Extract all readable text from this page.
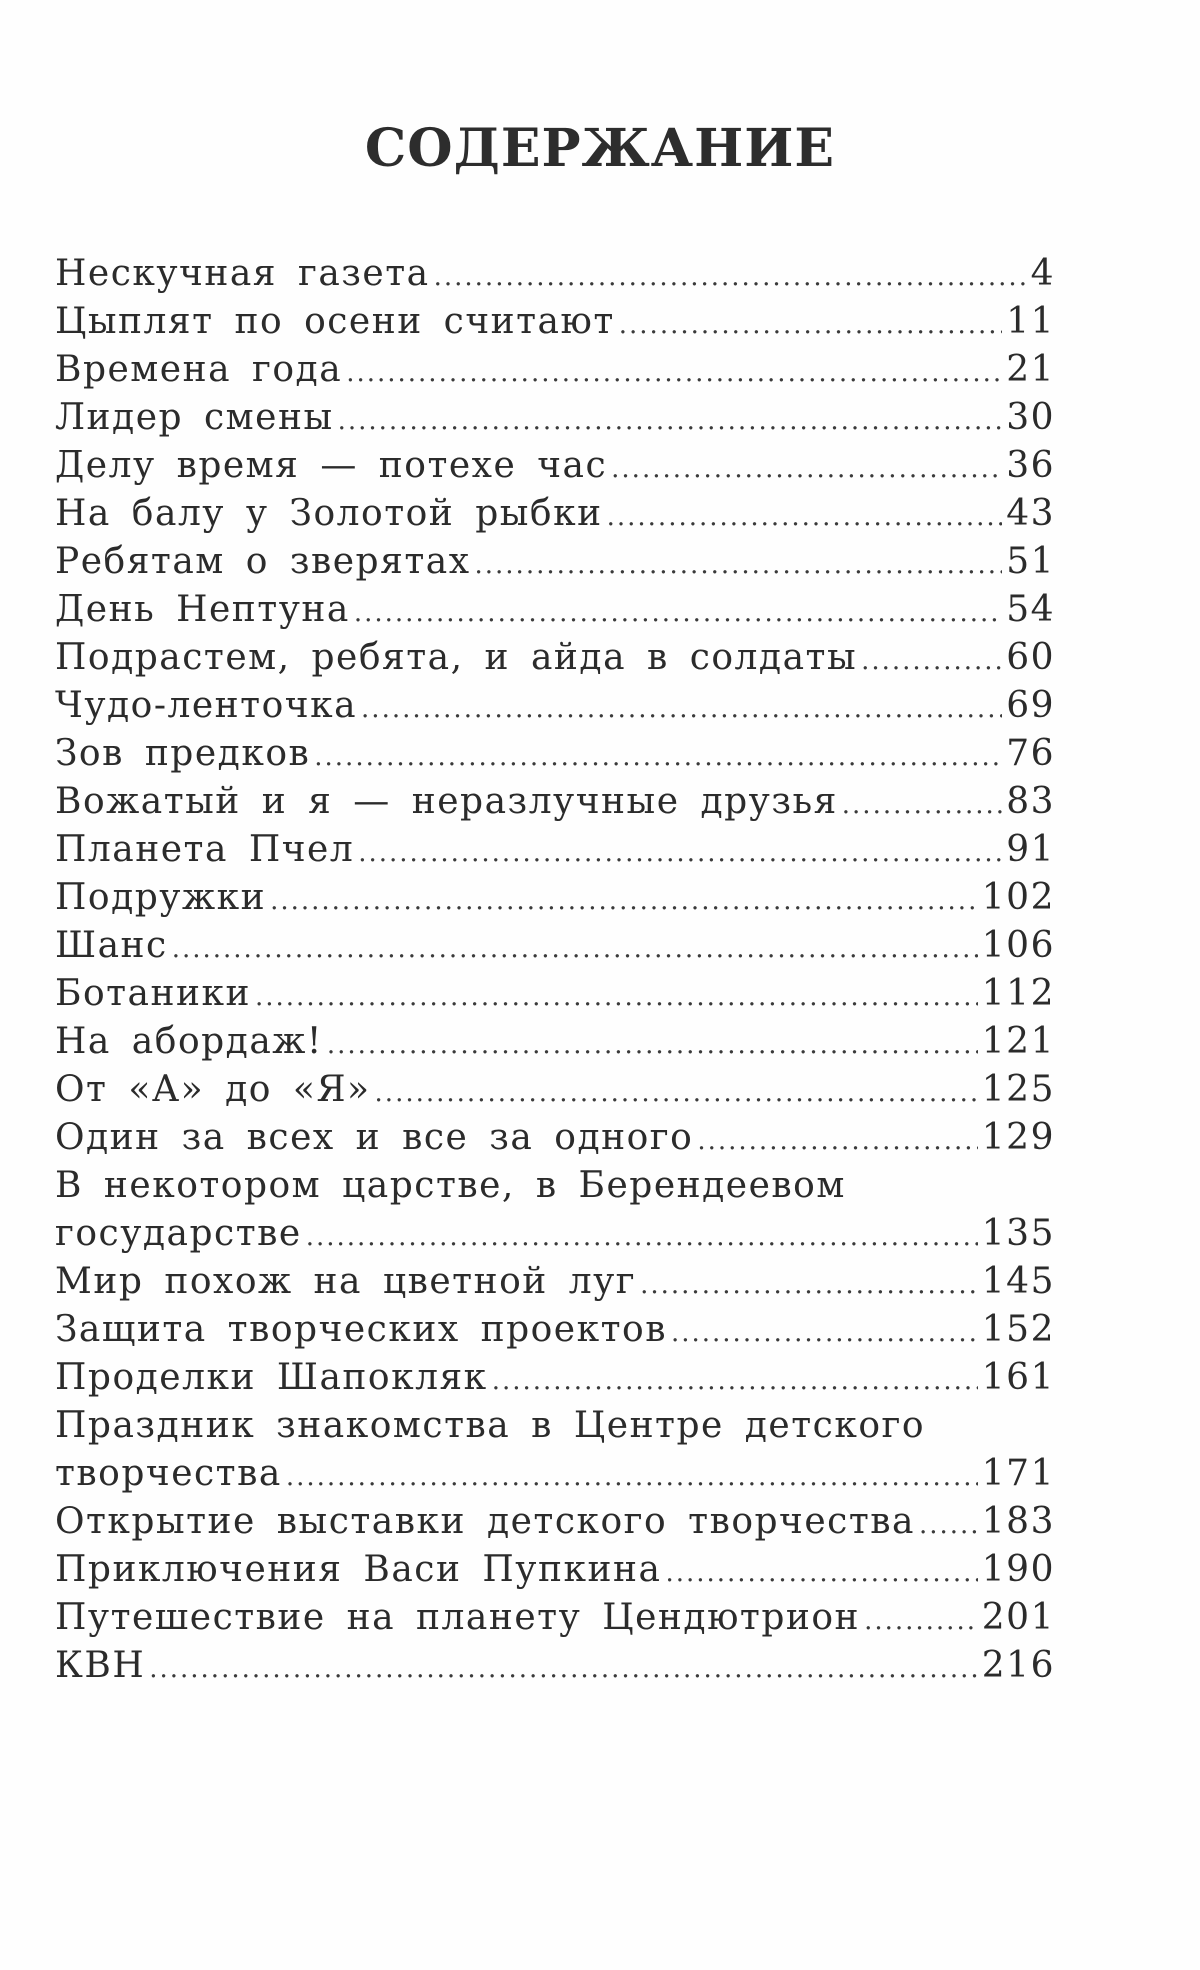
СОДЕРЖАНИЕ
Нескучная газета .....	4
Цыплят по осени считают .....	11
Времена года .....	21
Лидер смены .....	30
Делу время — потехе час .....	36
На балу у Золотой рыбки .....	43
Ребятам о зверятах .....	51
День Нептуна .....	54
Подрастем, ребята, и айда в солдаты .....	60
Чудо-ленточка .....	69
Зов предков .....	76
Вожатый и я — неразлучные друзья .....	83
Планета Пчел .....	91
Подружки .....	102
Шанс .....	106
Ботаники .....	112
На абордаж! .....	121
От «А» до «Я» .....	125
Один за всех и все за одного .....	129
В некотором царстве, в Берендеевом
государстве .....	135
Мир похож на цветной луг .....	145
Защита творческих проектов .....	152
Проделки Шапокляк .....	161
Праздник знакомства в Центре детского
творчества .....	171
Открытие выставки детского творчества ..... 183
Приключения Васи Пупкина .....	190
Путешествие на планету Цендютрион .....	201
КВН .....	216
